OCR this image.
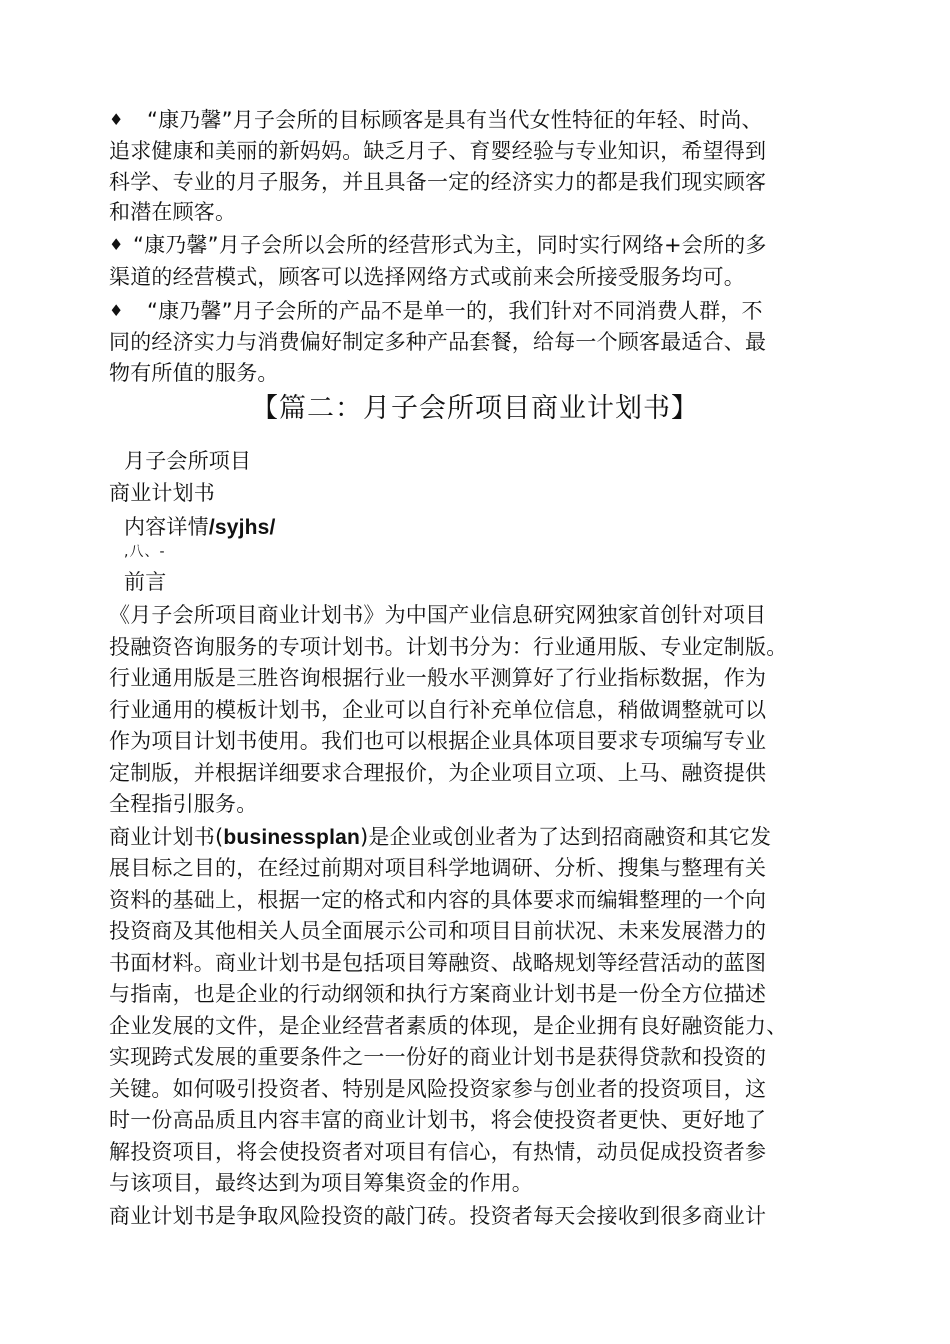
♦ “康乃馨”月子会所的目标顾客是具有当代女性特征的年轻、时尚、
追求健康和美丽的新妈妈。缺乏月子、育婴经验与专业知识，希望得到
科学、专业的月子服务，并且具备一定的经济实力的都是我们现实顾客
和潜在顾客。
♦ “康乃馨”月子会所以会所的经营形式为主，同时实行网络+会所的多
渠道的经营模式，顾客可以选择网络方式或前来会所接受服务均可。
♦ “康乃馨”月子会所的产品不是单一的，我们针对不同消费人群，不
同的经济实力与消费偏好制定多种产品套餐，给每一个顾客最适合、最
物有所值的服务。
【篇二：月子会所项目商业计划书】
月子会所项目
商业计划书
内容详情/syjhs/
,八、-
前言
《月子会所项目商业计划书》为中国产业信息研究网独家首创针对项目
投融资咨询服务的专项计划书。计划书分为：行业通用版、专业定制版。
行业通用版是三胜咨询根据行业一般水平测算好了行业指标数据，作为
行业通用的模板计划书，企业可以自行补充单位信息，稍做调整就可以
作为项目计划书使用。我们也可以根据企业具体项目要求专项编写专业
定制版，并根据详细要求合理报价，为企业项目立项、上马、融资提供
全程指引服务。
商业计划书(businessplan)是企业或创业者为了达到招商融资和其它发
展目标之目的，在经过前期对项目科学地调研、分析、搜集与整理有关
资料的基础上，根据一定的格式和内容的具体要求而编辑整理的一个向
投资商及其他相关人员全面展示公司和项目目前状况、未来发展潜力的
书面材料。商业计划书是包括项目筹融资、战略规划等经营活动的蓝图
与指南，也是企业的行动纲领和执行方案商业计划书是一份全方位描述
企业发展的文件，是企业经营者素质的体现，是企业拥有良好融资能力、
实现跨式发展的重要条件之一一份好的商业计划书是获得贷款和投资的
关键。如何吸引投资者、特别是风险投资家参与创业者的投资项目，这
时一份高品质且内容丰富的商业计划书，将会使投资者更快、更好地了
解投资项目，将会使投资者对项目有信心，有热情，动员促成投资者参
与该项目，最终达到为项目筹集资金的作用。
商业计划书是争取风险投资的敲门砖。投资者每天会接收到很多商业计
